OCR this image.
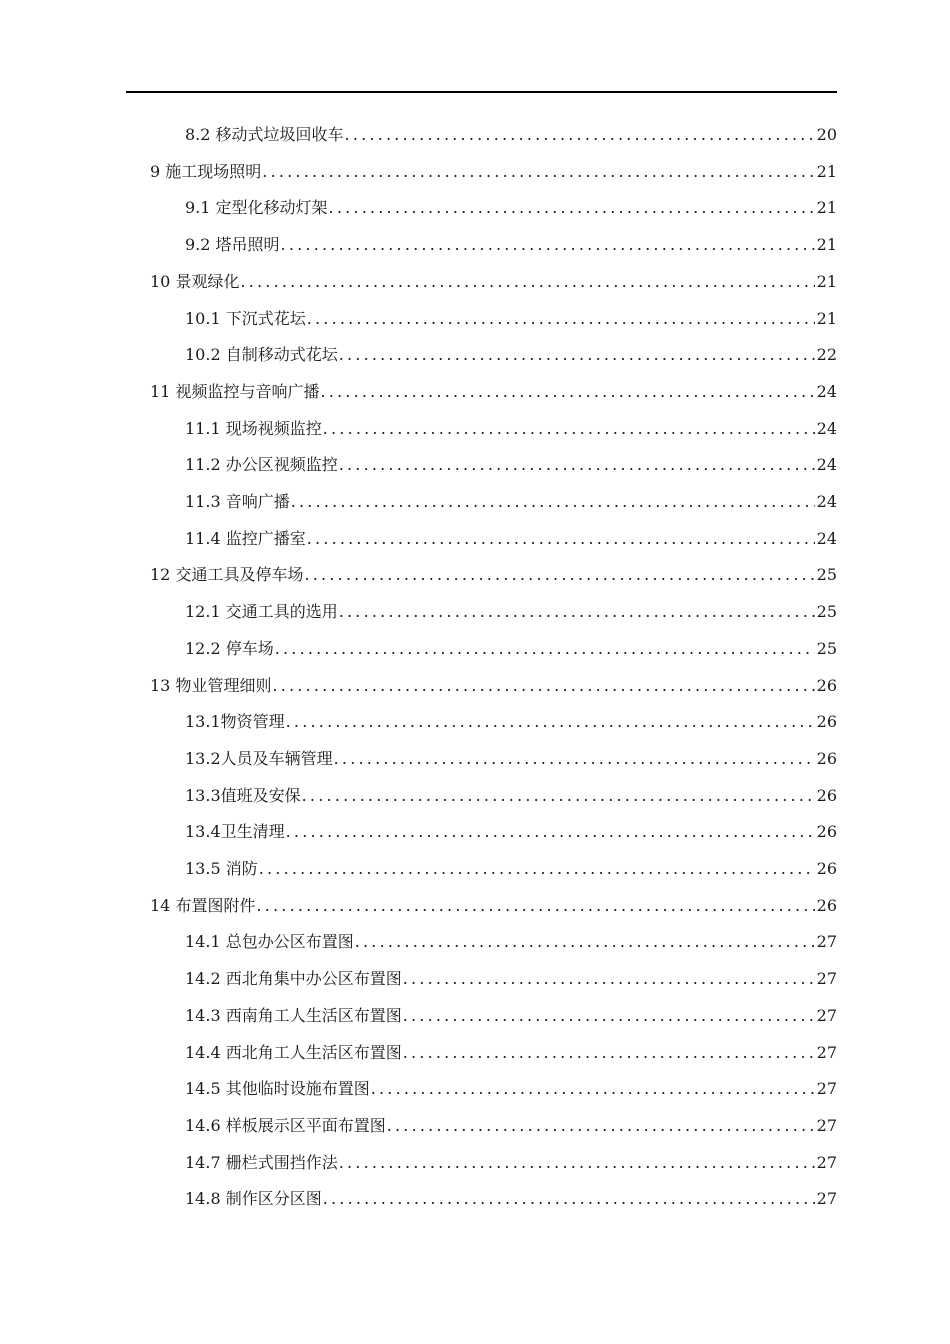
8.2 移动式垃圾回收车 .....	20
9 施工现场照明 .....	21
9.1 定型化移动灯架 .....	21
9.2 塔吊照明 .....	21
10 景观绿化 .....	21
10.1 下沉式花坛 .....	21
10.2 自制移动式花坛 .....	22
11 视频监控与音响广播 .....	24
11.1 现场视频监控 .....	24
11.2 办公区视频监控 .....	24
11.3 音响广播 .....	24
11.4 监控广播室 .....	24
12 交通工具及停车场 .....	25
12.1 交通工具的选用 .....	25
12.2 停车场 .....	25
13 物业管理细则 .....	26
13.1物资管理 .....	26
13.2人员及车辆管理 .....	26
13.3值班及安保 .....	26
13.4卫生清理 .....	26
13.5 消防 .....	26
14 布置图附件 .....	26
14.1 总包办公区布置图 .....	27
14.2 西北角集中办公区布置图 .....	27
14.3 西南角工人生活区布置图 .....	27
14.4 西北角工人生活区布置图 .....	27
14.5 其他临时设施布置图 .....	27
14.6 样板展示区平面布置图 .....	27
14.7 栅栏式围挡作法 .....	27
14.8 制作区分区图 .....	27
